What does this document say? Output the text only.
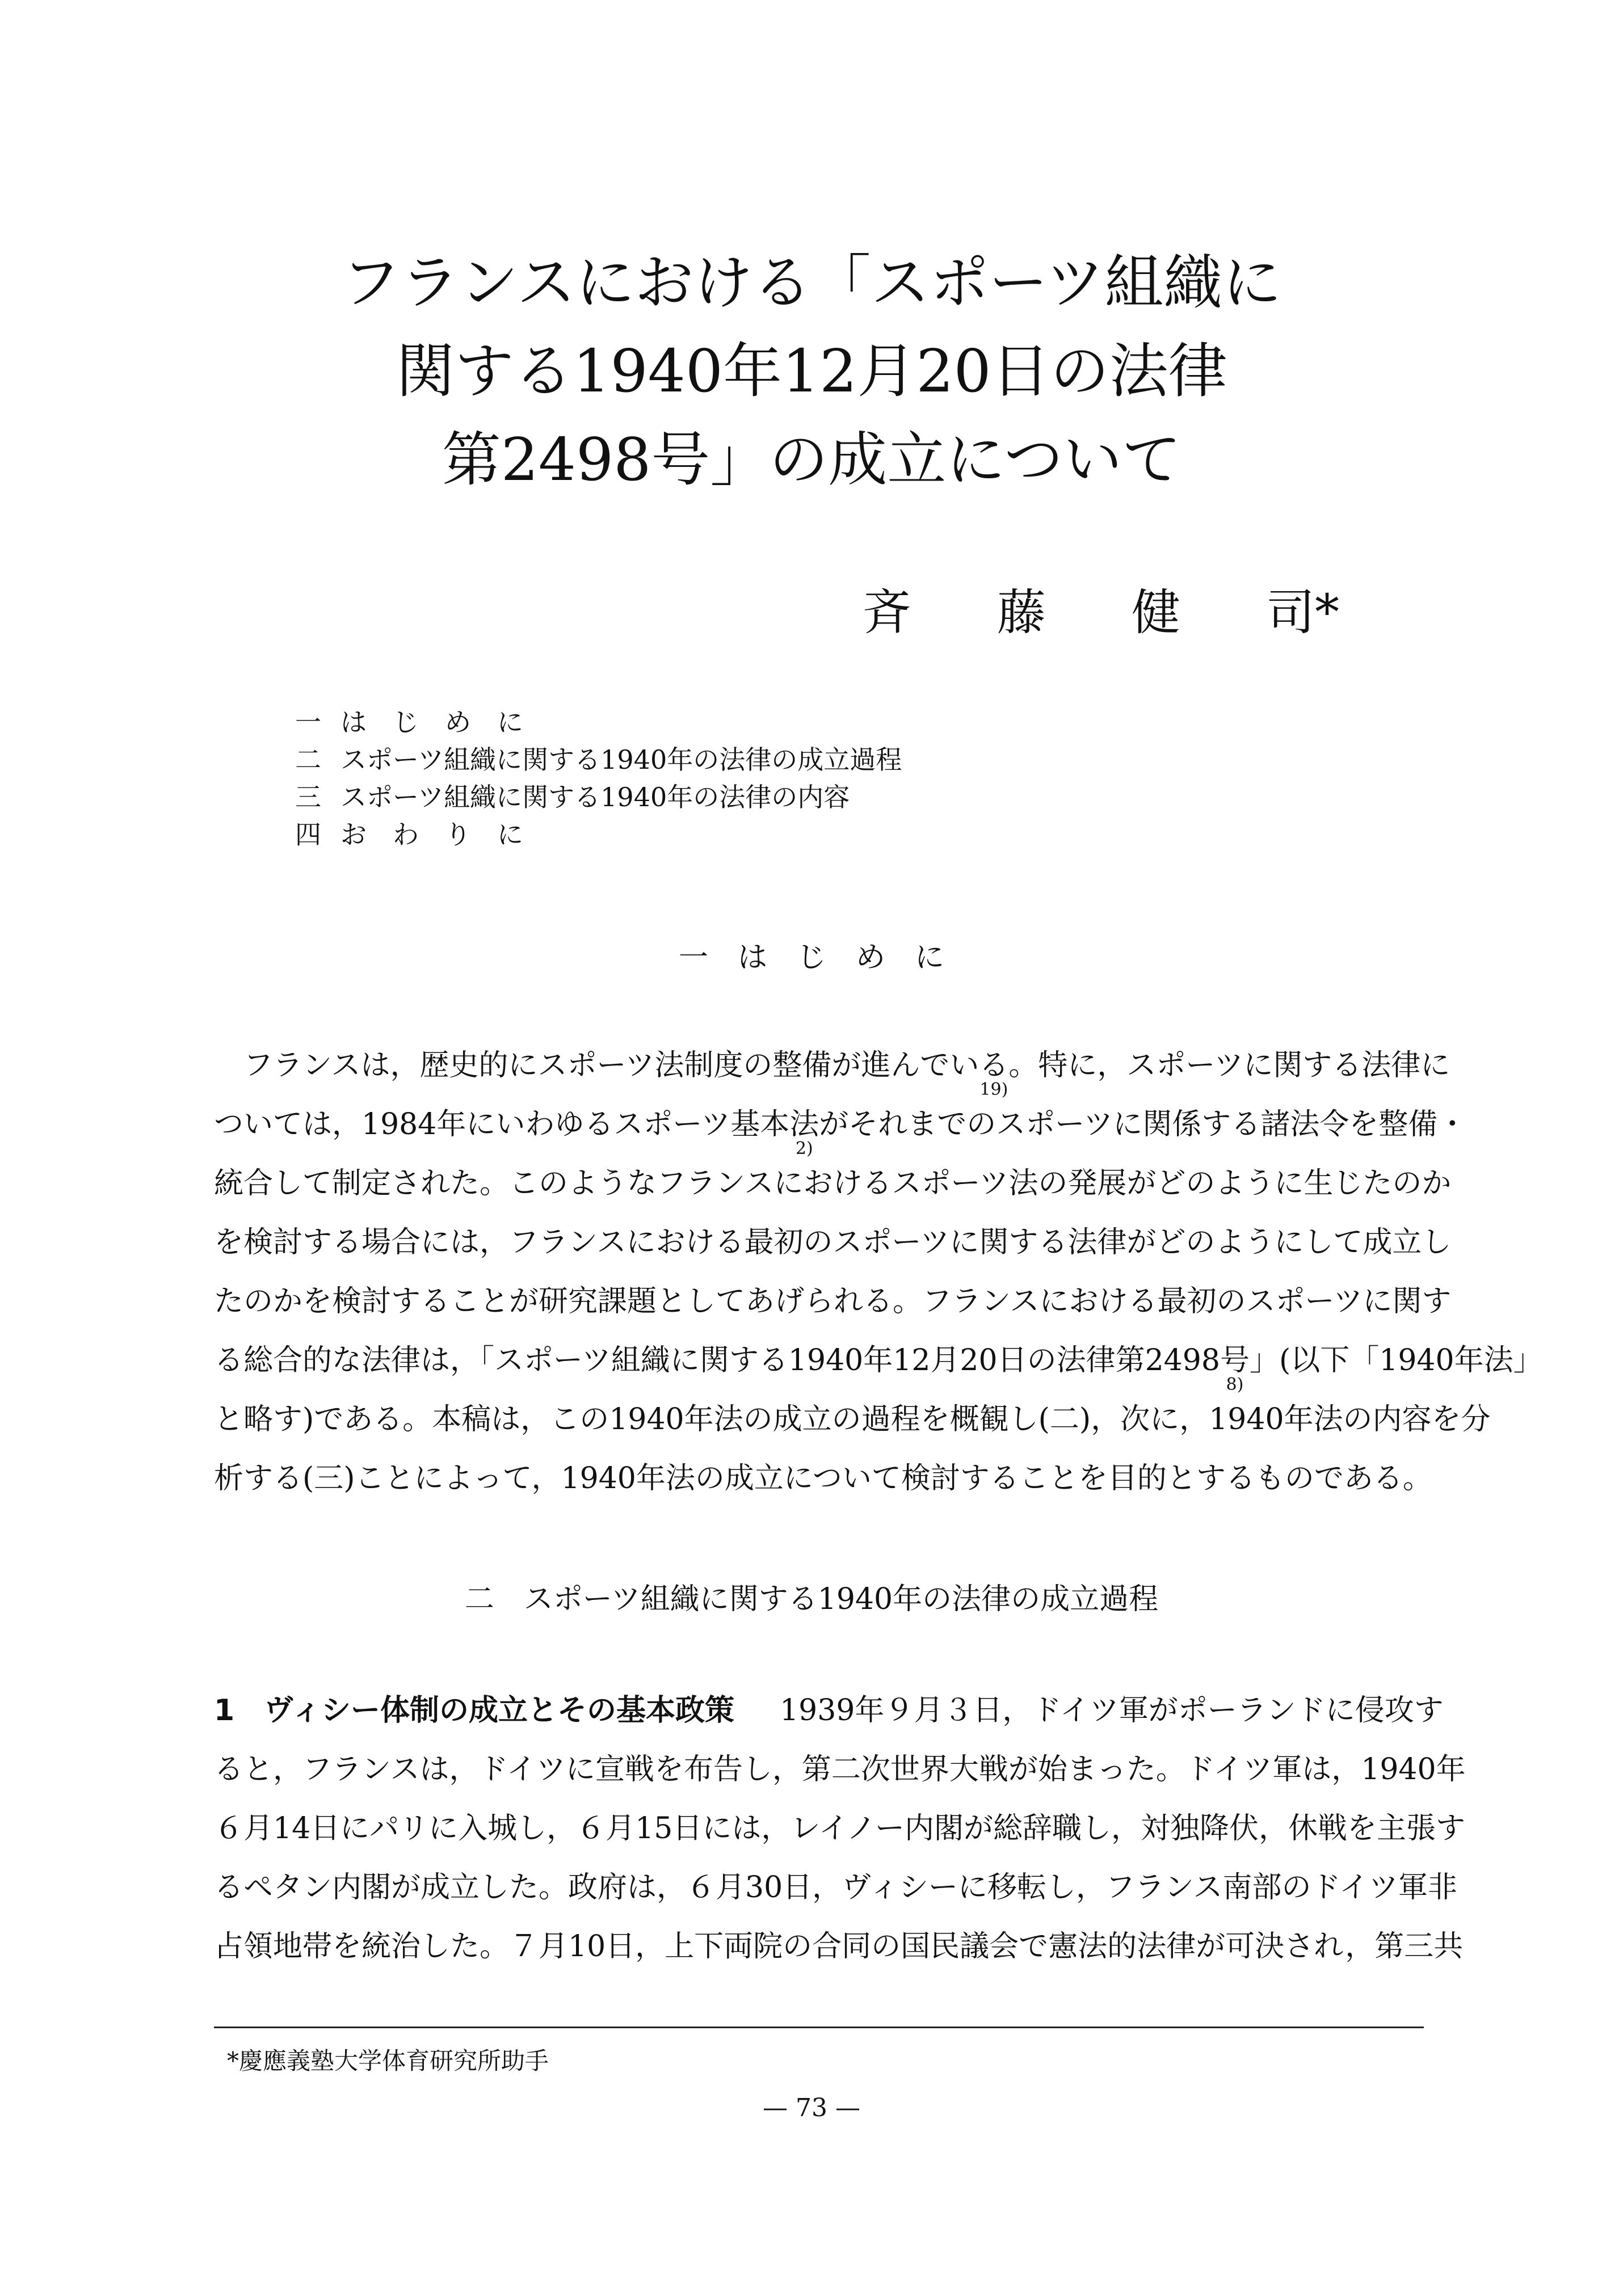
フランスにおける「スポーツ組織に
関する1940年12月20日の法律
第2498号」の成立について
斉 藤 健 司*
一 は　じ　め　に
二 スポーツ組織に関する1940年の法律の成立過程
三 スポーツ組織に関する1940年の法律の内容
四 お　わ　り　に
一　は　じ　め　に
フランスは，歴史的にスポーツ法制度の整備が進んでいる
19)
。特に，スポーツに関する法律に
ついては，1984年にいわゆるスポーツ基本法
2)
がそれまでのスポーツに関係する諸法令を整備・
統合して制定された。このようなフランスにおけるスポーツ法の発展がどのように生じたのか
を検討する場合には，フランスにおける最初のスポーツに関する法律がどのようにして成立し
たのかを検討することが研究課題としてあげられる。フランスにおける最初のスポーツに関す
る総合的な法律は，「スポーツ組織に関する1940年12月20日の法律第2498号
8)
」(以下「1940年法」
と略す)である。本稿は，この1940年法の成立の過程を概観し(二)，次に，1940年法の内容を分
析する(三)ことによって，1940年法の成立について検討することを目的とするものである。
二　スポーツ組織に関する1940年の法律の成立過程
1　ヴィシー体制の成立とその基本政策 1939年９月３日，ドイツ軍がポーランドに侵攻す
ると，フランスは，ドイツに宣戦を布告し，第二次世界大戦が始まった。ドイツ軍は，1940年
６月14日にパリに入城し，６月15日には，レイノー内閣が総辞職し，対独降伏，休戦を主張す
るペタン内閣が成立した。政府は，６月30日，ヴィシーに移転し，フランス南部のドイツ軍非
占領地帯を統治した。７月10日，上下両院の合同の国民議会で憲法的法律が可決され，第三共
*慶應義塾大学体育研究所助手
— 73 —
